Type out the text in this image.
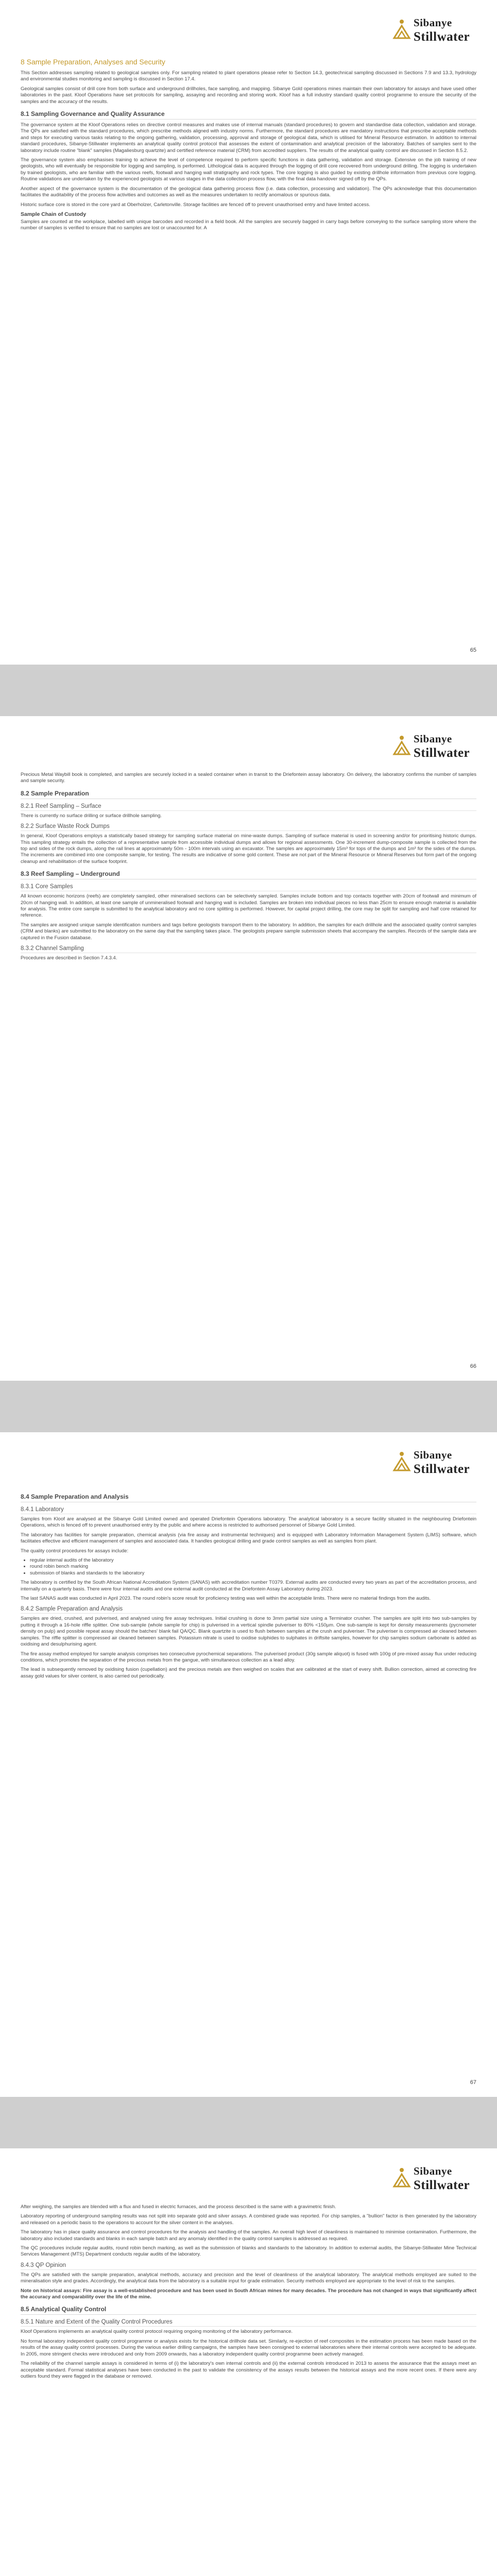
Sibanye
Stillwater
8 Sample Preparation, Analyses and Security

This Section addresses sampling related to geological samples only. For sampling related to plant operations please refer to Section 14.3, geotechnical sampling discussed in Sections 7.9 and 13.3, hydrology and environmental studies monitoring and sampling is discussed in Section 17.4.

Geological samples consist of drill core from both surface and underground drillholes, face sampling, and mapping. Sibanye Gold operations mines maintain their own laboratory for assays and have used other laboratories in the past. Kloof Operations have set protocols for sampling, assaying and recording and storing work. Kloof has a full industry standard quality control programme to ensure the security of the samples and the accuracy of the results.

8.1 Sampling Governance and Quality Assurance

The governance system at the Kloof Operations relies on directive control measures and makes use of internal manuals (standard procedures) to govern and standardise data collection, validation and storage. The QPs are satisfied with the standard procedures, which prescribe methods aligned with industry norms. Furthermore, the standard procedures are mandatory instructions that prescribe acceptable methods and steps for executing various tasks relating to the ongoing gathering, validation, processing, approval and storage of geological data, which is utilised for Mineral Resource estimation. In addition to internal standard procedures, Sibanye-Stillwater implements an analytical quality control protocol that assesses the extent of contamination and analytical precision of the laboratory. Batches of samples sent to the laboratory include routine "blank" samples (Magaliesburg quartzite) and certified reference material (CRM) from accredited suppliers. The results of the analytical quality control are discussed in Section 8.5.2.

The governance system also emphasises training to achieve the level of competence required to perform specific functions in data gathering, validation and storage. Extensive on the job training of new geologists, who will eventually be responsible for logging and sampling, is performed. Lithological data is acquired through the logging of drill core recovered from underground drilling. The logging is undertaken by trained geologists, who are familiar with the various reefs, footwall and hanging wall stratigraphy and rock types. The core logging is also guided by existing drillhole information from previous core logging. Routine validations are undertaken by the experienced geologists at various stages in the data collection process flow, with the final data handover signed off by the QPs.

Another aspect of the governance system is the documentation of the geological data gathering process flow (i.e. data collection, processing and validation). The QPs acknowledge that this documentation facilitates the auditability of the process flow activities and outcomes as well as the measures undertaken to rectify anomalous or spurious data.

Historic surface core is stored in the core yard at Oberholzer, Carletonville. Storage facilities are fenced off to prevent unauthorised entry and have limited access.

Sample Chain of Custody

Samples are counted at the workplace, labelled with unique barcodes and recorded in a field book. All the samples are securely bagged in carry bags before conveying to the surface sampling store where the number of samples is verified to ensure that no samples are lost or unaccounted for. A

65
Sibanye
Stillwater

Precious Metal Waybill book is completed, and samples are securely locked in a sealed container when in transit to the Driefontein assay laboratory. On delivery, the laboratory confirms the number of samples and sample security.

8.2 Sample Preparation
8.2.1 Reef Sampling – Surface

There is currently no surface drilling or surface drillhole sampling.

8.2.2 Surface Waste Rock Dumps

In general, Kloof Operations employs a statistically based strategy for sampling surface material on mine-waste dumps. Sampling of surface material is used in screening and/or for prioritising historic dumps. This sampling strategy entails the collection of a representative sample from accessible individual dumps and allows for regional assessments. One 30-increment dump-composite sample is collected from the top and sides of the rock dumps, along the rail lines at approximately 50m - 100m intervals using an excavator. The samples are approximately 15m³ for tops of the dumps and 1m³ for the sides of the dumps. The increments are combined into one composite sample, for testing. The results are indicative of some gold content. These are not part of the Mineral Resource or Mineral Reserves but form part of the ongoing cleanup and rehabilitation of the surface footprint.

8.3 Reef Sampling – Underground
8.3.1 Core Samples

All known economic horizons (reefs) are completely sampled, other mineralised sections can be selectively sampled. Samples include bottom and top contacts together with 20cm of footwall and minimum of 20cm of hanging wall. In addition, at least one sample of unmineralised footwall and hanging wall is included. Samples are broken into individual pieces no less than 25cm to ensure enough material is available for analysis. The entire core sample is submitted to the analytical laboratory and no core splitting is performed. However, for capital project drilling, the core may be split for sampling and half core retained for reference.

The samples are assigned unique sample identification numbers and tags before geologists transport them to the laboratory. In addition, the samples for each drillhole and the associated quality control samples (CRM and blanks) are submitted to the laboratory on the same day that the sampling takes place. The geologists prepare sample submission sheets that accompany the samples. Records of the sample data are captured in the Fusion database.

8.3.2 Channel Sampling

Procedures are described in Section 7.4.3.4.

66
Sibanye
Stillwater
8.4 Sample Preparation and Analysis
8.4.1 Laboratory

Samples from Kloof are analysed at the Sibanye Gold Limited owned and operated Driefontein Operations laboratory. The analytical laboratory is a secure facility situated in the neighbouring Driefontein Operations, which is fenced off to prevent unauthorised entry by the public and where access is restricted to authorised personnel of Sibanye Gold Limited.

The laboratory has facilities for sample preparation, chemical analysis (via fire assay and instrumental techniques) and is equipped with Laboratory Information Management System (LIMS) software, which facilitates effective and efficient management of samples and associated data. It handles geological drilling and grade control samples as well as samples from plant.

The quality control procedures for assays include:

• regular internal audits of the laboratory
• round robin bench marking
• submission of blanks and standards to the laboratory

The laboratory is certified by the South African National Accreditation System (SANAS) with accreditation number T0379. External audits are conducted every two years as part of the accreditation process, and internally on a quarterly basis. There were four internal audits and one external audit conducted at the Driefontein Assay Laboratory during 2023.

The last SANAS audit was conducted in April 2023. The round robin's score result for proficiency testing was well within the acceptable limits. There were no material findings from the audits.

8.4.2 Sample Preparation and Analysis

Samples are dried, crushed, and pulverised, and analysed using fire assay techniques. Initial crushing is done to 3mm partial size using a Terminator crusher. The samples are split into two sub-samples by putting it through a 16-hole riffle splitter. One sub-sample (whole sample for chip) is pulverised in a vertical spindle pulveriser to 80% <150µm. One sub-sample is kept for density measurements (pycnometer density on pulp) and possible repeat assay should the batches' blank fail QA/QC. Blank quartzite is used to flush between samples at the crush and pulveriser. The pulveriser is compressed air cleaned between samples. The riffle splitter is compressed air cleaned between samples. Potassium nitrate is used to oxidise sulphides to sulphates in driftsite samples, however for chip samples sodium carbonate is added as oxidising and desulphurising agent.

The fire assay method employed for sample analysis comprises two consecutive pyrochemical separations. The pulverised product (30g sample aliquot) is fused with 100g of pre-mixed assay flux under reducing conditions, which promotes the separation of the precious metals from the gangue, with simultaneous collection as a lead alloy.

The lead is subsequently removed by oxidising fusion (cupellation) and the precious metals are then weighed on scales that are calibrated at the start of every shift. Bullion correction, aimed at correcting fire assay gold values for silver content, is also carried out periodically.

67
Sibanye
Stillwater

After weighing, the samples are blended with a flux and fused in electric furnaces, and the process described is the same with a gravimetric finish.

Laboratory reporting of underground sampling results was not split into separate gold and silver assays. A combined grade was reported. For chip samples, a "bullion" factor is then generated by the laboratory and released on a periodic basis to the operations to account for the silver content in the analyses.

The laboratory has in place quality assurance and control procedures for the analysis and handling of the samples. An overall high level of cleanliness is maintained to minimise contamination. Furthermore, the laboratory also included standards and blanks in each sample batch and any anomaly identified in the quality control samples is addressed as required.

The QC procedures include regular audits, round robin bench marking, as well as the submission of blanks and standards to the laboratory. In addition to external audits, the Sibanye-Stillwater Mine Technical Services Management (MTS) Department conducts regular audits of the laboratory.

8.4.3 QP Opinion

The QPs are satisfied with the sample preparation, analytical methods, accuracy and precision and the level of cleanliness of the analytical laboratory. The analytical methods employed are suited to the mineralisation style and grades. Accordingly, the analytical data from the laboratory is a suitable input for grade estimation. Security methods employed are appropriate to the level of risk to the samples.

Note on historical assays: Fire assay is a well-established procedure and has been used in South African mines for many decades. The procedure has not changed in ways that significantly affect the accuracy and comparability over the life of the mine.

8.5 Analytical Quality Control
8.5.1 Nature and Extent of the Quality Control Procedures

Kloof Operations implements an analytical quality control protocol requiring ongoing monitoring of the laboratory performance.

No formal laboratory independent quality control programme or analysis exists for the historical drillhole data set. Similarly, re-ejection of reef composites in the estimation process has been made based on the results of the assay quality control processes. During the various earlier drilling campaigns, the samples have been consigned to external laboratories where their internal controls were accepted to be adequate. In 2005, more stringent checks were introduced and only from 2009 onwards, has a laboratory independent quality control programme been actively managed.

The reliability of the channel sample assays is considered in terms of (i) the laboratory's own internal controls and (ii) the external controls introduced in 2013 to assess the assurance that the assays meet an acceptable standard. Formal statistical analyses have been conducted in the past to validate the consistency of the assays results between the historical assays and the more recent ones. If there were any outliers found they were flagged in the database or removed.
